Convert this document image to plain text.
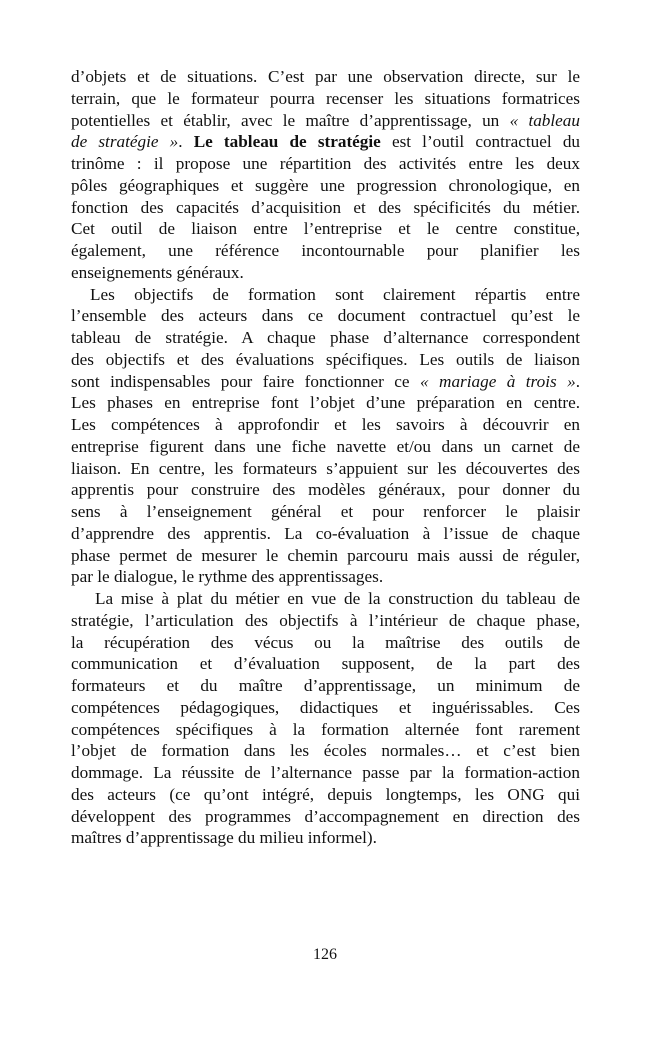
d’objets et de situations. C’est par une observation directe, sur le
terrain, que le formateur pourra recenser les situations formatrices
potentielles et établir, avec le maître d’apprentissage, un « tableau
de stratégie ». Le tableau de stratégie est l’outil contractuel du
trinôme : il propose une répartition des activités entre les deux
pôles géographiques et suggère une progression chronologique, en
fonction des capacités d’acquisition et des spécificités du métier.
Cet outil de liaison entre l’entreprise et le centre constitue,
également, une référence incontournable pour planifier les
enseignements généraux.
Les objectifs de formation sont clairement répartis entre
l’ensemble des acteurs dans ce document contractuel qu’est le
tableau de stratégie. A chaque phase d’alternance correspondent
des objectifs et des évaluations spécifiques. Les outils de liaison
sont indispensables pour faire fonctionner ce « mariage à trois ».
Les phases en entreprise font l’objet d’une préparation en centre.
Les compétences à approfondir et les savoirs à découvrir en
entreprise figurent dans une fiche navette et/ou dans un carnet de
liaison. En centre, les formateurs s’appuient sur les découvertes des
apprentis pour construire des modèles généraux, pour donner du
sens à l’enseignement général et pour renforcer le plaisir
d’apprendre des apprentis. La co-évaluation à l’issue de chaque
phase permet de mesurer le chemin parcouru mais aussi de réguler,
par le dialogue, le rythme des apprentissages.
La mise à plat du métier en vue de la construction du tableau de
stratégie, l’articulation des objectifs à l’intérieur de chaque phase,
la récupération des vécus ou la maîtrise des outils de
communication et d’évaluation supposent, de la part des
formateurs et du maître d’apprentissage, un minimum de
compétences pédagogiques, didactiques et inguérissables. Ces
compétences spécifiques à la formation alternée font rarement
l’objet de formation dans les écoles normales… et c’est bien
dommage. La réussite de l’alternance passe par la formation-action
des acteurs (ce qu’ont intégré, depuis longtemps, les ONG qui
développent des programmes d’accompagnement en direction des
maîtres d’apprentissage du milieu informel).
126
